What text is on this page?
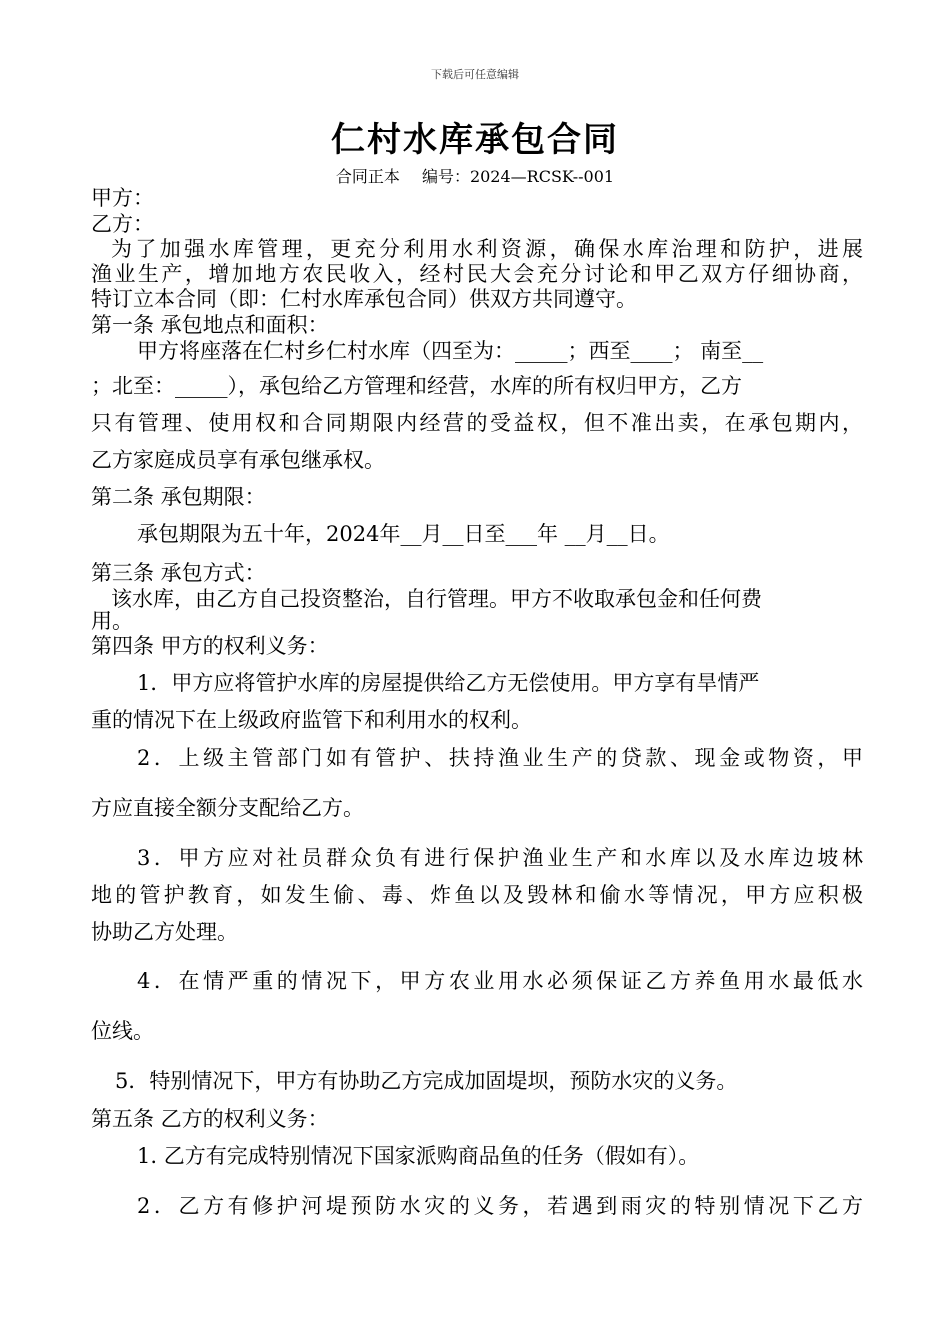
下载后可任意编辑
仁村水库承包合同
合同正本 编号：2024—RCSK--001
甲方：
乙方：
为了加强水库管理，更充分利用水利资源，确保水库治理和防护，进展
渔业生产，增加地方农民收入，经村民大会充分讨论和甲乙双方仔细协商，
特订立本合同（即：仁村水库承包合同）供双方共同遵守。
第一条 承包地点和面积：
甲方将座落在仁村乡仁村水库（四至为：_____；西至____； 南至__
；北至：_____），承包给乙方管理和经营，水库的所有权归甲方，乙方
只有管理、使用权和合同期限内经营的受益权，但不准出卖，在承包期内，
乙方家庭成员享有承包继承权。
第二条 承包期限：
承包期限为五十年，2024年__月__日至___年 __月__日。
第三条 承包方式：
该水库，由乙方自己投资整治，自行管理。甲方不收取承包金和任何费
用。
第四条 甲方的权利义务：
1．甲方应将管护水库的房屋提供给乙方无偿使用。甲方享有旱情严
重的情况下在上级政府监管下和利用水的权利。
2．上级主管部门如有管护、扶持渔业生产的贷款、现金或物资，甲
方应直接全额分支配给乙方。
3．甲方应对社员群众负有进行保护渔业生产和水库以及水库边坡林
地的管护教育，如发生偷、毒、炸鱼以及毁林和偷水等情况，甲方应积极
协助乙方处理。
4．在情严重的情况下，甲方农业用水必须保证乙方养鱼用水最低水
位线。
5．特别情况下，甲方有协助乙方完成加固堤坝，预防水灾的义务。
第五条 乙方的权利义务：
1. 乙方有完成特别情况下国家派购商品鱼的任务（假如有）。
2．乙方有修护河堤预防水灾的义务，若遇到雨灾的特别情况下乙方
